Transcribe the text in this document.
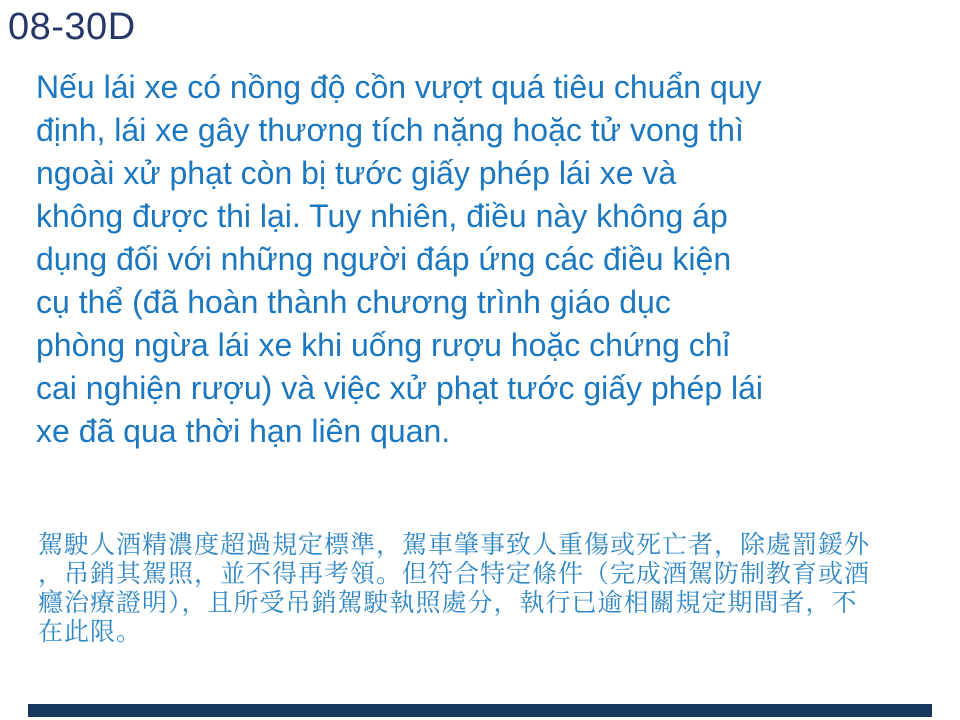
08-30D
Nếu lái xe có nồng độ cồn vượt quá tiêu chuẩn quy
định, lái xe gây thương tích nặng hoặc tử vong thì
ngoài xử phạt còn bị tước giấy phép lái xe và
không được thi lại. Tuy nhiên, điều này không áp
dụng đối với những người đáp ứng các điều kiện
cụ thể (đã hoàn thành chương trình giáo dục
phòng ngừa lái xe khi uống rượu hoặc chứng chỉ
cai nghiện rượu) và việc xử phạt tước giấy phép lái
xe đã qua thời hạn liên quan.
駕駛人酒精濃度超過規定標準，駕車肇事致人重傷或死亡者，除處罰鍰外
，吊銷其駕照，並不得再考領。但符合特定條件（完成酒駕防制教育或酒
癮治療證明），且所受吊銷駕駛執照處分，執行已逾相關規定期間者，不
在此限。
